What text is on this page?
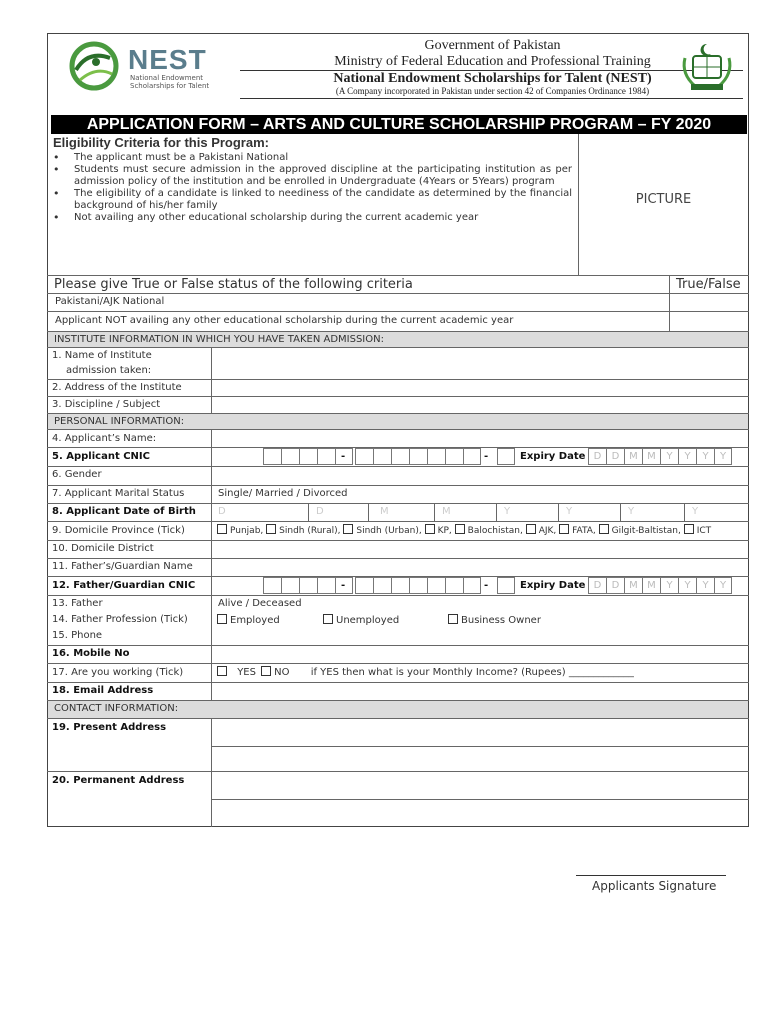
NEST
National Endowment
Scholarships for Talent
Government of Pakistan
Ministry of Federal Education and Professional Training
National Endowment Scholarships for Talent (NEST)
(A Company incorporated in Pakistan under section 42 of Companies Ordinance 1984)
APPLICATION FORM – ARTS AND CULTURE SCHOLARSHIP PROGRAM – FY 2020
Eligibility Criteria for this Program:
• The applicant must be a Pakistani National
• Students must secure admission in the approved discipline at the participating institution as per admission policy of the institution and be enrolled in Undergraduate (4Years or 5Years) program
• The eligibility of a candidate is linked to neediness of the candidate as determined by the financial background of his/her family
• Not availing any other educational scholarship during the current academic year
PICTURE
Please give True or False status of the following criteria	True/False
Pakistani/AJK National
Applicant NOT availing any other educational scholarship during the current academic year
INSTITUTE INFORMATION IN WHICH YOU HAVE TAKEN ADMISSION:
1. Name of Institute
admission taken:
2. Address of the Institute
3. Discipline / Subject
PERSONAL INFORMATION:
4. Applicant’s Name:
5. Applicant CNIC	-	-	Expiry Date D	D M M	Y	Y	Y	Y
6. Gender
7. Applicant Marital Status	Single/ Married / Divorced
8. Applicant Date of Birth D	D	M	M	Y	Y	Y	Y
9. Domicile Province (Tick)	Punjab, Sindh (Rural), Sindh (Urban), KP, Balochistan, AJK, FATA, Gilgit-Baltistan, ICT
10. Domicile District
11. Father’s/Guardian Name
12. Father/Guardian CNIC	-	-	Expiry Date D	D M M	Y	Y	Y	Y
13. Father	Alive / Deceased
14. Father Profession (Tick)	Employed	Unemployed	Business Owner
15. Phone
16. Mobile No
17. Are you working (Tick)	YES NO if YES then what is your Monthly Income? (Rupees) _____________
18. Email Address
CONTACT INFORMATION:
19. Present Address
20. Permanent Address
Applicants Signature
